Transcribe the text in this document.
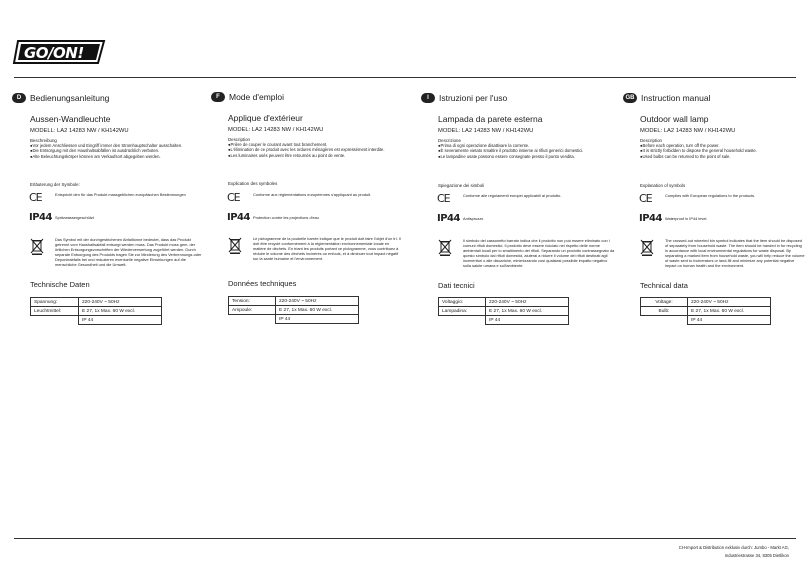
GO/ON!
D	Bedienungsanleitung
Aussen-Wandleuchte
MODELL: LA2 14283 NW / KH142WU
Beschreibung
●Vor jedem Anschliessen und Eingriff immer den Stromhauptschalter ausschalten.
●Die Entsorgung mit den Haushaltsabfällen ist ausdrücklich verboten.
●Alte Beleuchtungskörper können am Verkaufsort abgegeben werden.
Erläuterung der Symbole:
CE	Entspricht den für das Produkt massgeblichen europäischen Bestimmungen
IP44 Spritzwassergeschützt
Das Symbol mit der durchgestrichenen Abfalltonne bedeutet, dass das Produkt getrennt vom Haushaltsabfall entsorgt werden muss. Das Produkt muss gem. der örtlichen Entsorgungsvorschriften der Wiederverwertung zugeführt werden. Durch separate Entsorgung des Produkts tragen Sie zur Minderung des Verbrennungs-oder Deponieabfalls bei und reduzieren eventuelle negative Einwirkungen auf die menschliche Gesundheit und die Umwelt.
Technische Daten
Spannung:	220-240V ~ 50Hz
Leuchtmittel:	E 27, 1x Max. 60 W excl.
	IP 44
F	Mode d'emploi
Applique d'extérieur
MODEL: LA2 14283 NW / KH142WU
Description
●Prière de couper le courant avant tout branchement.
●L'élimination de ce produit avec les ordures ménagères est expressément interdite.
●Les luminaires usés peuvent être retournés au point de vente.
Explication des symboles
CE	Conforme aux réglementations européennes s'appliquant au produit.
IP44 Protection contre les projections d'eau
Le pictogramme de la poubelle barrée indique que le produit doit faire l'objet d'un tri. Il doit être recyclé conformément à la réglementation environnementale locale en matière de déchets. En triant les produits portant ce pictogramme, vous contribuez à réduire le volume des déchets incinérés ou enfouis, et à diminuer tout impact négatif sur la santé humaine et l'environnement.
Données techniques
Tension:	220-240V ~ 50Hz
Ampoule:	E 27, 1x Max. 60 W excl.
	IP 44
I	Istruzioni per l'uso
Lampada da parete esterna
MODEL: LA2 14283 NW / KH142WU
Descrizione
●Prima di ogni operazione disattivare la corrente.
●È severamente vietato smaltire il prodotto insieme ai rifiuti generici domestici.
●Le lampadine usate possono essere consegnate presso il punto vendita.
Spiegazione dei simboli
CE	Conforme alle regolamenti europei applicabili al prodotto.
IP44 Antispruzzo
Il simbolo del cassonetto barrato indica che il prodotto non può essere eliminato con i comuni rifiuti domestici. Il prodotto deve essere riciclato nel rispetto delle norme ambientali locali per lo smaltimento dei rifiuti. Separando un prodotto contrassegnato da questo simbolo dai rifiuti domestici, aiuterai a ridurre il volume dei rifiuti destinati agli inceneritori o alle discariche, minimizzando così qualsiasi possibile impatto negativo sulla salute umana e sull'ambiente.
Dati tecnici
Voltaggio:	220-240V ~ 50Hz
Lampadina:	E 27, 1x Max. 60 W excl.
	IP 44
GB Instruction manual
Outdoor wall lamp
MODEL: LA2 14283 NW / KH142WU
Description
●Before each operation, turn off the power.
●It is strictly forbidden to dispose the general household waste.
●Used bulbs can be returned to the point of sale.
Explanation of symbols
CE	Complies with European regulations to the products.
IP44 Waterproof in IP44 level.
The crossed-out wheeled bin symbol indicates that the item should be disposed of separately from household waste. The item should be handed in for recycling in accordance with local environmental regulations for waste disposal. By separating a marked item from household waste, you will help reduce the volume of waste sent to incinerators or land-fill and minimize any potential negative impact on human health and the environment.
Technical data
Voltage:	220-240V ~ 50Hz
Bulb:	E 27, 1x Max. 60 W excl.
	IP 44
CH-Import & Distribution exklusiv durch: Jumbo - Markt AG,
Industriestrasse 34, 8305 Dietlikon
